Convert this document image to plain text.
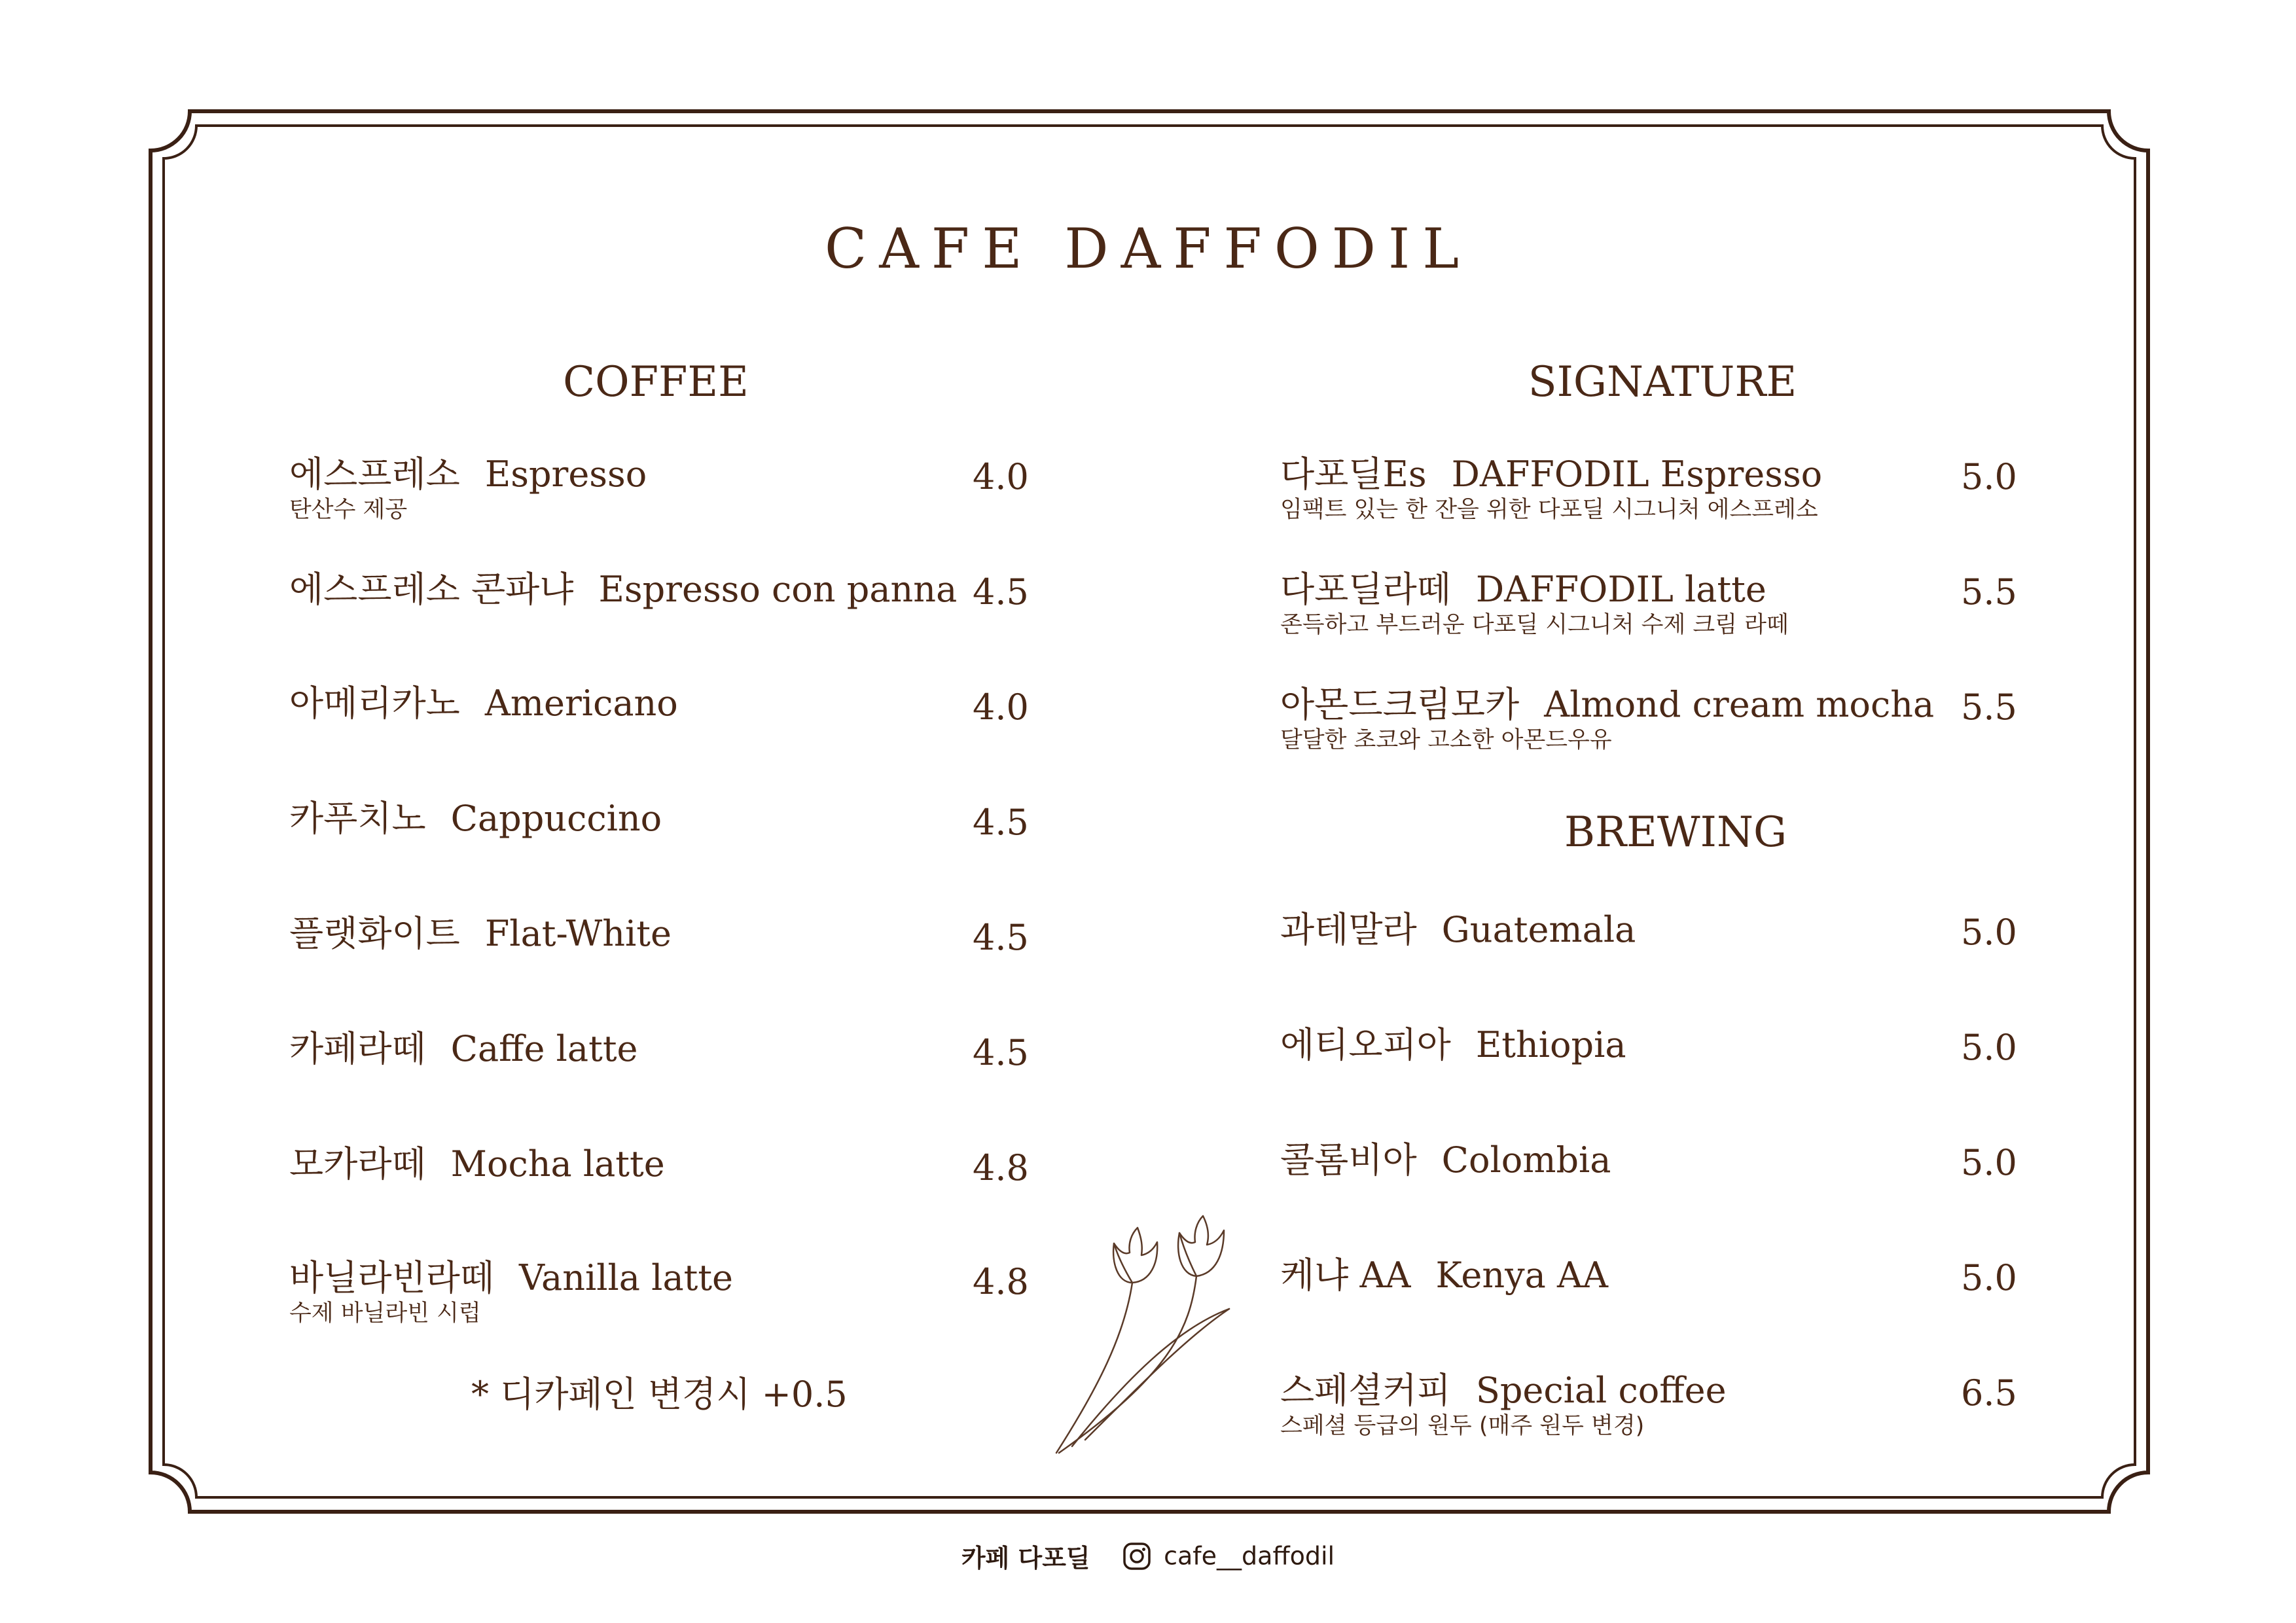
CAFE DAFFODIL
COFFEE
에스프레소 Espresso
탄산수 제공
4.0
에스프레소 콘파냐 Espresso con panna 4.5
아메리카노 Americano	4.0
카푸치노 Cappuccino	4.5
플랫화이트 Flat-White	4.5
카페라떼 Caffe latte	4.5
모카라떼 Mocha latte	4.8
바닐라빈라떼 Vanilla latte
수제 바닐라빈 시럽
4.8
* 디카페인 변경시 +0.5
SIGNATURE
다포딜Es DAFFODIL Espresso
임팩트 있는 한 잔을 위한 다포딜 시그니처 에스프레소
5.0
다포딜라떼 DAFFODIL latte
존득하고 부드러운 다포딜 시그니처 수제 크림 라떼
5.5
아몬드크림모카 Almond cream mocha
달달한 초코와 고소한 아몬드우유
5.5
BREWING
과테말라 Guatemala	5.0
에티오피아 Ethiopia	5.0
콜롬비아 Colombia	5.0
케냐 AA Kenya AA	5.0
스페셜커피 Special coffee
스페셜 등급의 원두 (매주 원두 변경)
6.5
카페 다포딜	cafe__daffodil
